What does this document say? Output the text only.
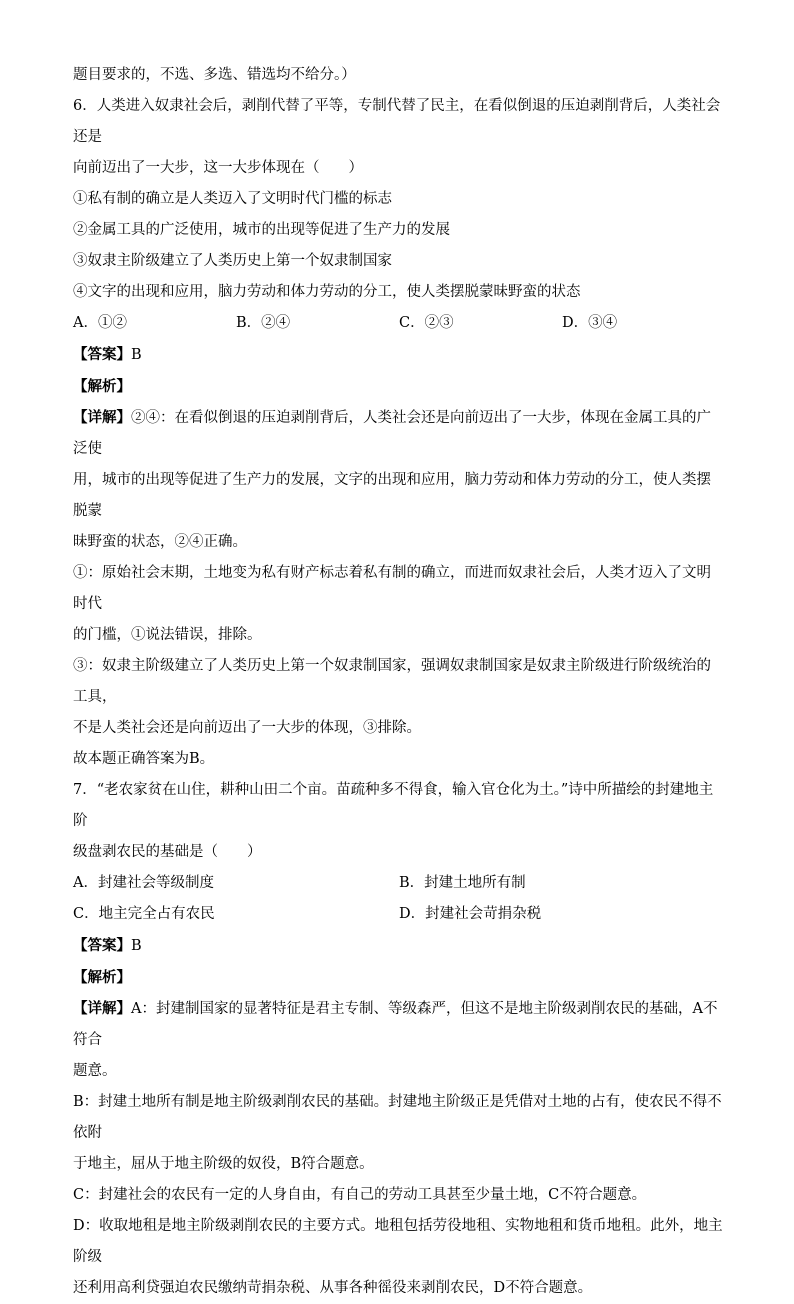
题目要求的，不选、多选、错选均不给分。）

6．人类进入奴隶社会后，剥削代替了平等，专制代替了民主，在看似倒退的压迫剥削背后，人类社会还是

向前迈出了一大步，这一大步体现在（　　）

①私有制的确立是人类迈入了文明时代门槛的标志

②金属工具的广泛使用，城市的出现等促进了生产力的发展

③奴隶主阶级建立了人类历史上第一个奴隶制国家

④文字的出现和应用，脑力劳动和体力劳动的分工，使人类摆脱蒙昧野蛮的状态

A．①②	B．②④	C．②③	D．③④

【答案】B

【解析】

【详解】②④：在看似倒退的压迫剥削背后，人类社会还是向前迈出了一大步，体现在金属工具的广泛使

用，城市的出现等促进了生产力的发展，文字的出现和应用，脑力劳动和体力劳动的分工，使人类摆脱蒙

昧野蛮的状态，②④正确。

①：原始社会末期，土地变为私有财产标志着私有制的确立，而进而奴隶社会后，人类才迈入了文明时代

的门槛，①说法错误，排除。

③：奴隶主阶级建立了人类历史上第一个奴隶制国家，强调奴隶制国家是奴隶主阶级进行阶级统治的工具，

不是人类社会还是向前迈出了一大步的体现，③排除。

故本题正确答案为B。

7．“老农家贫在山住，耕种山田二个亩。苗疏种多不得食，输入官仓化为土。”诗中所描绘的封建地主阶

级盘剥农民的基础是（　　）

A．封建社会等级制度	B．封建土地所有制

C．地主完全占有农民	D．封建社会苛捐杂税

【答案】B

【解析】

【详解】A：封建制国家的显著特征是君主专制、等级森严，但这不是地主阶级剥削农民的基础，A不符合

题意。

B：封建土地所有制是地主阶级剥削农民的基础。封建地主阶级正是凭借对土地的占有，使农民不得不依附

于地主，屈从于地主阶级的奴役，B符合题意。

C：封建社会的农民有一定的人身自由，有自己的劳动工具甚至少量土地，C不符合题意。

D：收取地租是地主阶级剥削农民的主要方式。地租包括劳役地租、实物地租和货币地租。此外，地主阶级

还利用高利贷强迫农民缴纳苛捐杂税、从事各种徭役来剥削农民，D不符合题意。
